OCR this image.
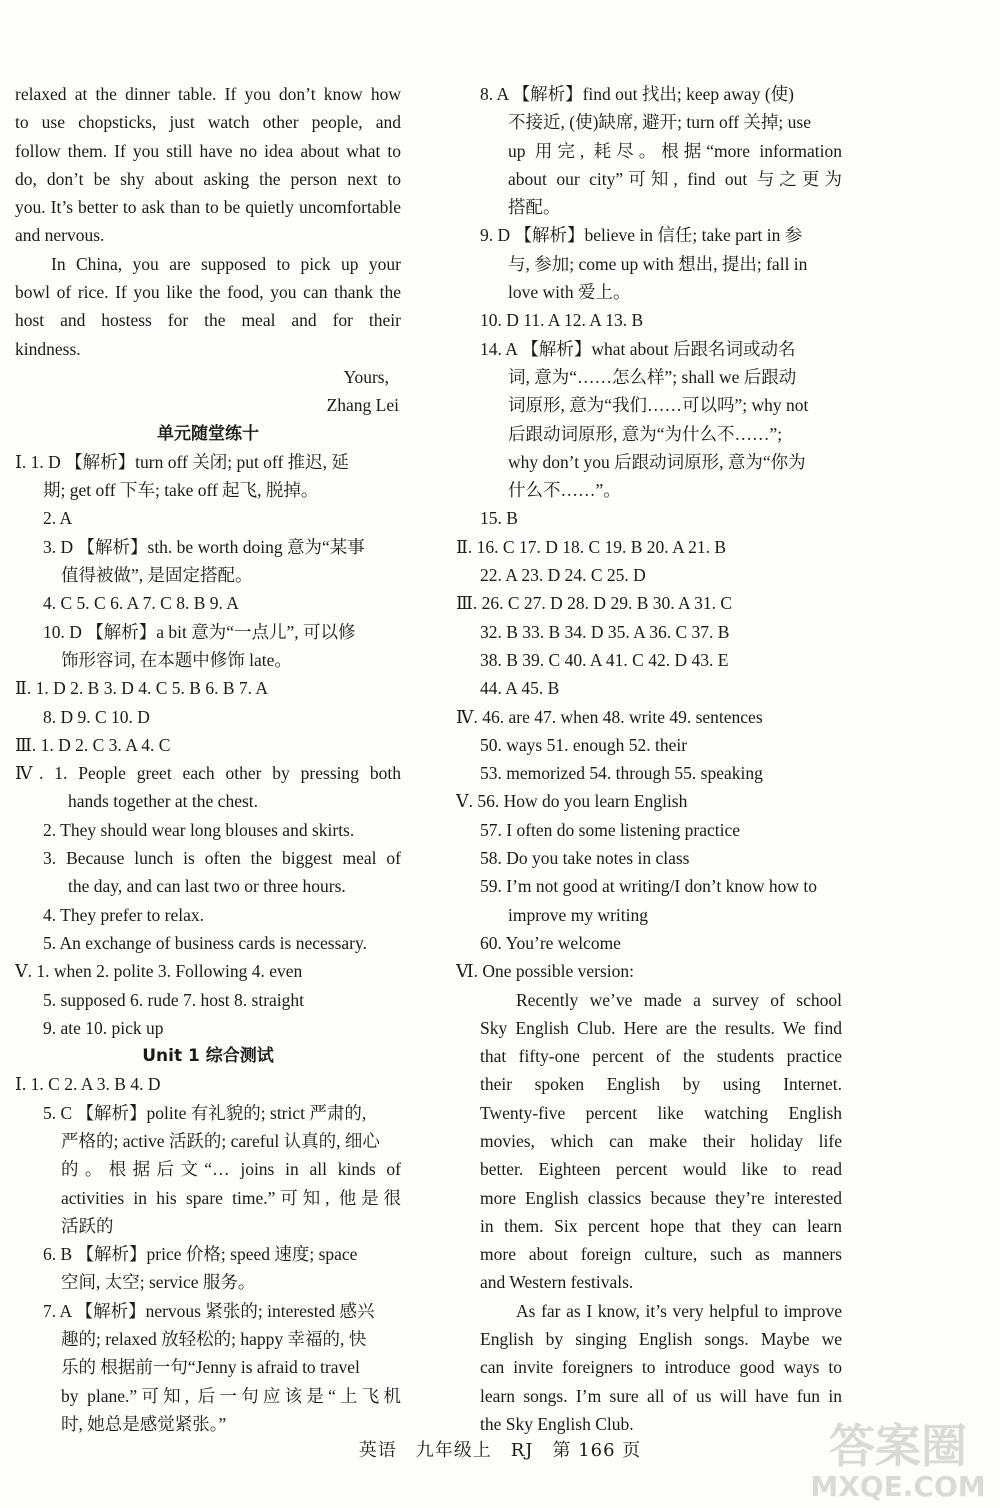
relaxed at the dinner table. If you don’t know how
to use chopsticks, just watch other people, and
follow them. If you still have no idea about what to
do, don’t be shy about asking the person next to
you. It’s better to ask than to be quietly uncomfortable
and nervous.
In China, you are supposed to pick up your
bowl of rice. If you like the food, you can thank the
host and hostess for the meal and for their
kindness.
Yours,
Zhang Lei
单元随堂练十
Ⅰ. 1. D 【解析】turn off 关闭; put off 推迟, 延
期; get off 下车; take off 起飞, 脱掉。
2. A
3. D 【解析】sth. be worth doing 意为“某事
值得被做”, 是固定搭配。
4. C 5. C 6. A 7. C 8. B 9. A
10. D 【解析】a bit 意为“一点儿”, 可以修
饰形容词, 在本题中修饰 late。
Ⅱ. 1. D 2. B 3. D 4. C 5. B 6. B 7. A
8. D 9. C 10. D
Ⅲ. 1. D 2. C 3. A 4. C
Ⅳ. 1. People greet each other by pressing both
hands together at the chest.
2. They should wear long blouses and skirts.
3. Because lunch is often the biggest meal of
the day, and can last two or three hours.
4. They prefer to relax.
5. An exchange of business cards is necessary.
Ⅴ. 1. when 2. polite 3. Following 4. even
5. supposed 6. rude 7. host 8. straight
9. ate 10. pick up
Unit 1 综合测试
Ⅰ. 1. C 2. A 3. B 4. D
5. C 【解析】polite 有礼貌的; strict 严肃的,
严格的; active 活跃的; careful 认真的, 细心
的。根据后文“… joins in all kinds of
activities in his spare time.”可知, 他是很
活跃的
6. B 【解析】price 价格; speed 速度; space
空间, 太空; service 服务。
7. A 【解析】nervous 紧张的; interested 感兴
趣的; relaxed 放轻松的; happy 幸福的, 快
乐的 根据前一句“Jenny is afraid to travel
by plane.”可知, 后一句应该是“上飞机
时, 她总是感觉紧张。”
8. A 【解析】find out 找出; keep away (使)
不接近, (使)缺席, 避开; turn off 关掉; use
up 用完, 耗尽。根据“more information
about our city”可知, find out 与之更为
搭配。
9. D 【解析】believe in 信任; take part in 参
与, 参加; come up with 想出, 提出; fall in
love with 爱上。
10. D 11. A 12. A 13. B
14. A 【解析】what about 后跟名词或动名
词, 意为“……怎么样”; shall we 后跟动
词原形, 意为“我们……可以吗”; why not
后跟动词原形, 意为“为什么不……”;
why don’t you 后跟动词原形, 意为“你为
什么不……”。
15. B
Ⅱ. 16. C 17. D 18. C 19. B 20. A 21. B
22. A 23. D 24. C 25. D
Ⅲ. 26. C 27. D 28. D 29. B 30. A 31. C
32. B 33. B 34. D 35. A 36. C 37. B
38. B 39. C 40. A 41. C 42. D 43. E
44. A 45. B
Ⅳ. 46. are 47. when 48. write 49. sentences
50. ways 51. enough 52. their
53. memorized 54. through 55. speaking
Ⅴ. 56. How do you learn English
57. I often do some listening practice
58. Do you take notes in class
59. I’m not good at writing/I don’t know how to
improve my writing
60. You’re welcome
Ⅵ. One possible version:
Recently we’ve made a survey of school
Sky English Club. Here are the results. We find
that fifty-one percent of the students practice
their spoken English by using Internet.
Twenty-five percent like watching English
movies, which can make their holiday life
better. Eighteen percent would like to read
more English classics because they’re interested
in them. Six percent hope that they can learn
more about foreign culture, such as manners
and Western festivals.
As far as I know, it’s very helpful to improve
English by singing English songs. Maybe we
can invite foreigners to introduce good ways to
learn songs. I’m sure all of us will have fun in
the Sky English Club.
英语　九年级上　RJ　第 166 页	答案圈
MXQE.COM
